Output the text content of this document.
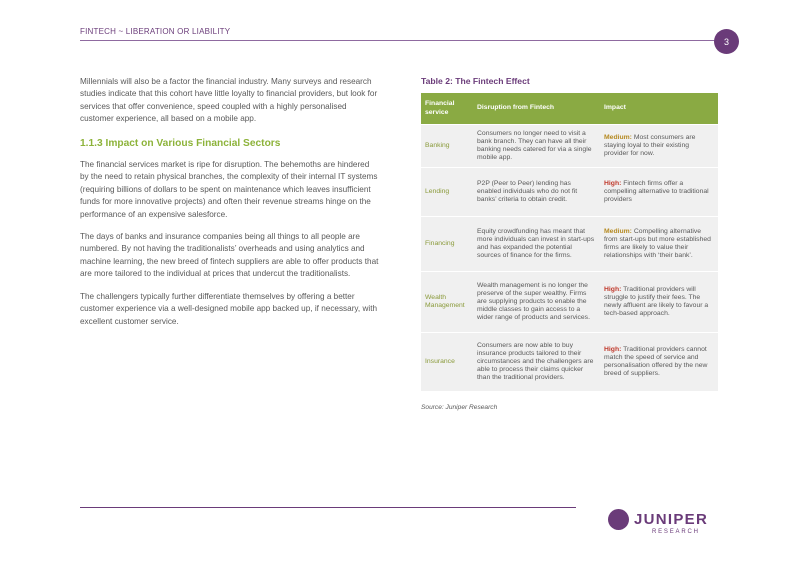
FINTECH ~ LIBERATION OR LIABILITY
3

Millennials will also be a factor the financial industry. Many surveys and research studies indicate that this cohort have little loyalty to financial providers, but look for services that offer convenience, speed coupled with a highly personalised customer experience, all based on a mobile app.

1.1.3 Impact on Various Financial Sectors

The financial services market is ripe for disruption. The behemoths are hindered by the need to retain physical branches, the complexity of their internal IT systems (requiring billions of dollars to be spent on maintenance which leaves insufficient funds for more innovative projects) and often their revenue streams hinge on the performance of an expensive salesforce.

The days of banks and insurance companies being all things to all people are numbered. By not having the traditionalists’ overheads and using analytics and machine learning, the new breed of fintech suppliers are able to offer products that are more tailored to the individual at prices that undercut the traditionalists.

The challengers typically further differentiate themselves by offering a better customer experience via a well-designed mobile app backed up, if necessary, with excellent customer service.

Table 2: The Fintech Effect
Financial service	Disruption from Fintech	Impact
Banking	Consumers no longer need to visit a bank branch. They can have all their banking needs catered for via a single mobile app.	Medium: Most consumers are staying loyal to their existing provider for now.
Lending	P2P (Peer to Peer) lending has enabled individuals who do not fit banks’ criteria to obtain credit.	High: Fintech firms offer a compelling alternative to traditional providers
Financing	Equity crowdfunding has meant that more individuals can invest in start-ups and has expanded the potential sources of finance for the firms.	Medium: Compelling alternative from start-ups but more established firms are likely to value their relationships with ‘their bank’.
Wealth Management	Wealth management is no longer the preserve of the super wealthy. Firms are supplying products to enable the middle classes to gain access to a wider range of products and services.	High: Traditional providers will struggle to justify their fees. The newly affluent are likely to favour a tech-based approach.
Insurance	Consumers are now able to buy insurance products tailored to their circumstances and the challengers are able to process their claims quicker than the traditional providers.	High: Traditional providers cannot match the speed of service and personalisation offered by the new breed of suppliers.
Source: Juniper Research
JUNIPER
RESEARCH
